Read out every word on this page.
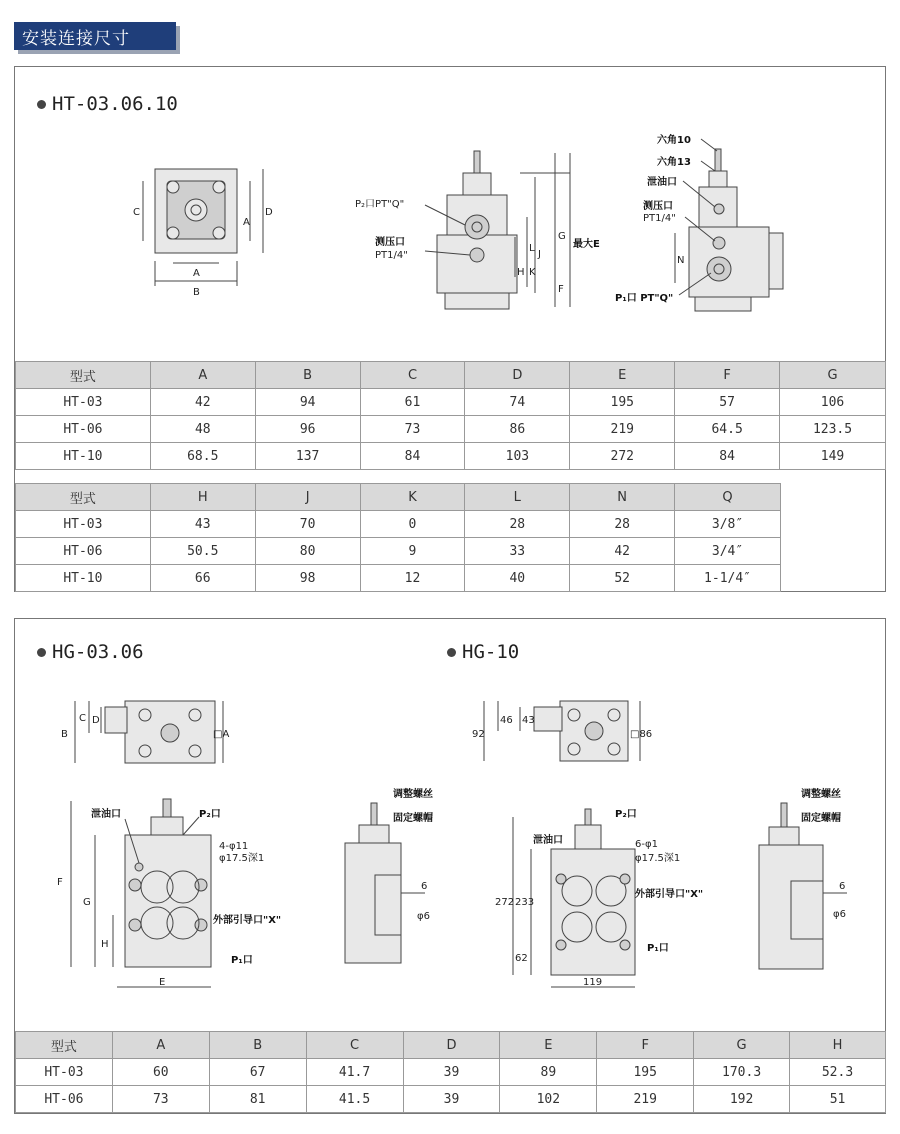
安装连接尺寸
HT-03.06.10
A
B
C
A
D
P₂口PT"Q"
测压口
PT1/4"
F
G
J
H
L
K
最大E
六角10
六角13
泄油口
测压口
PT1/4"
N
P₁口 PT"Q"
型式	A	B	C	D	E	F	G
HT-03	42	94	61	74	195	57	106
HT-06	48	96	73	86	219	64.5	123.5
HT-10	68.5	137	84	103	272	84	149
型式	H	J	K	L	N	Q
HT-03	43	70	0	28	28	3/8″
HT-06	50.5	80	9	33	42	3/4″
HT-10	66	98	12	40	52	1-1/4″
HG-03.06	HG-10
B
C D
□A
F
G
H
E
泄油口	P₂口
4-φ11
φ17.5深1
外部引导口"X"
P₁口
调整螺丝
固定螺帽
6
φ6
92
46 43
□86
272 233
62
119
泄油口
P₂口
6-φ1
φ17.5深1
外部引导口"X"
P₁口
调整螺丝
固定螺帽
6
φ6
型式	A	B	C	D	E	F	G	H
HT-03	60	67	41.7	39	89	195	170.3	52.3
HT-06	73	81	41.5	39	102	219	192	51
